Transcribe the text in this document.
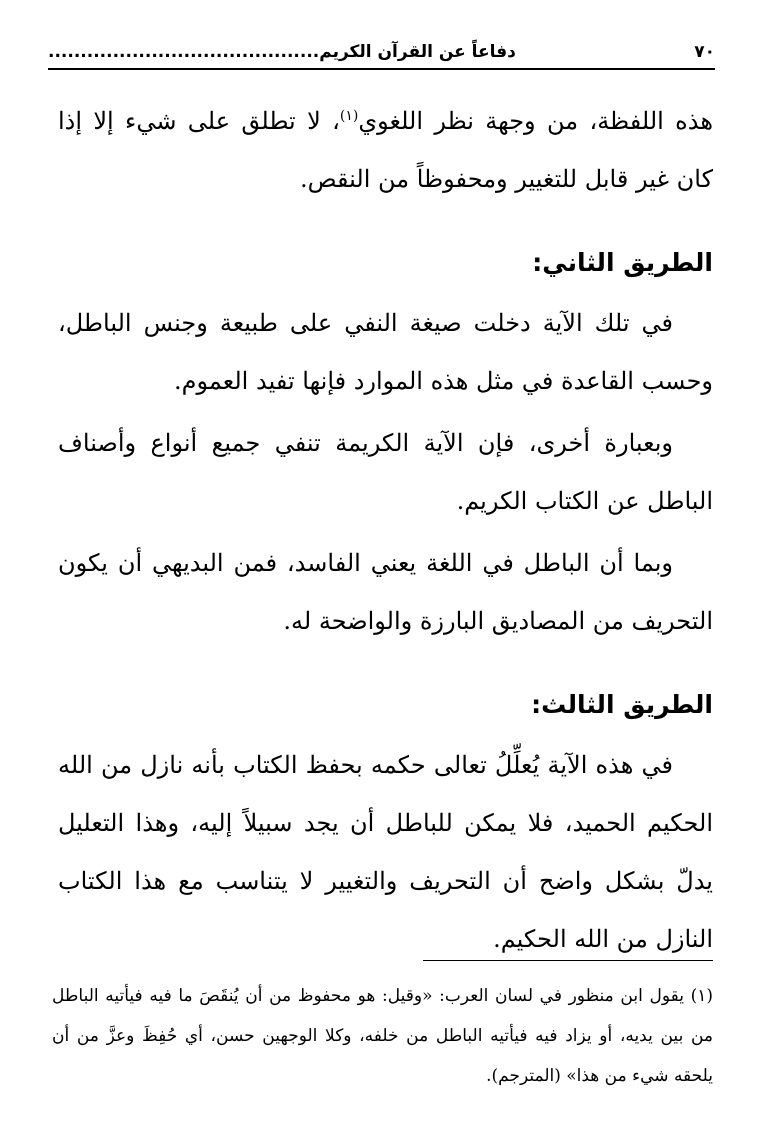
٧٠
دفاعاً عن القرآن الكريم..........................................

هذه اللفظة، من وجهة نظر اللغوي$^{(١)}$، لا تطلق على شيء إلا إذا كان غير قابل للتغيير ومحفوظاً من النقص.

الطريق الثاني:

في تلك الآية دخلت صيغة النفي على طبيعة وجنس الباطل، وحسب القاعدة في مثل هذه الموارد فإنها تفيد العموم.

وبعبارة أخرى، فإن الآية الكريمة تنفي جميع أنواع وأصناف الباطل عن الكتاب الكريم.

وبما أن الباطل في اللغة يعني الفاسد، فمن البديهي أن يكون التحريف من المصاديق البارزة والواضحة له.

الطريق الثالث:

في هذه الآية يُعلِّلُ تعالى حكمه بحفظ الكتاب بأنه نازل من الله الحكيم الحميد، فلا يمكن للباطل أن يجد سبيلاً إليه، وهذا التعليل يدلّ بشكل واضح أن التحريف والتغيير لا يتناسب مع هذا الكتاب النازل من الله الحكيم.

(١) يقول ابن منظور في لسان العرب: «وقيل: هو محفوظ من أن يُنقَصَ ما فيه فيأتيه الباطل من بين يديه، أو يزاد فيه فيأتيه الباطل من خلفه، وكلا الوجهين حسن، أي حُفِظَ وعزَّ من أن يلحقه شيء من هذا» (المترجم).
